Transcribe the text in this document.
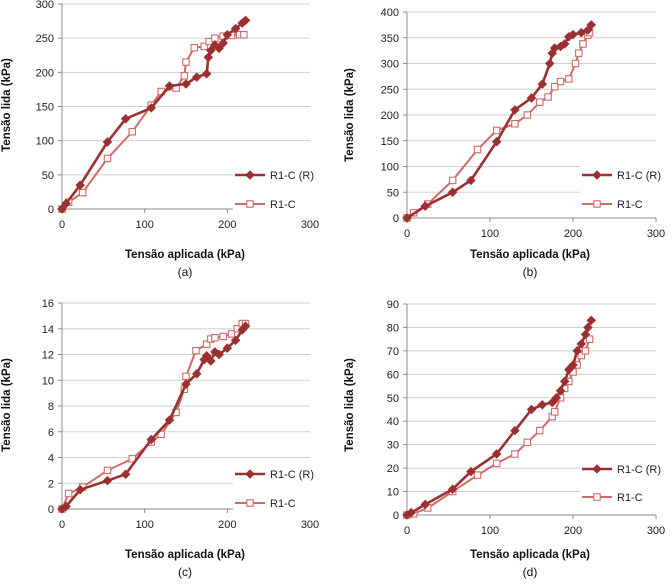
0
50
100
150
200
250
300
0	100	200	300
Tensão aplicada (kPa)
Tensão lida (kPa)
(a)
R1-C (R)
R1-C
0
50
100
150
200
250
300
350
400
0	100	200	300
Tensão aplicada (kPa)
Tensão lida (kPa)
(b)
R1-C (R)
R1-C
0
2
4
6
8
10
12
14
16
0	100	200	300
Tensão aplicada (kPa)
Tensão lida (kPa)
(c)
R1-C (R)
R1-C
0
10
20
30
40
50
60
70
80
90
0	100	200	300
Tensão aplicada (kPa)
Tensão lida (kPa)
(d)
R1-C (R)
R1-C
